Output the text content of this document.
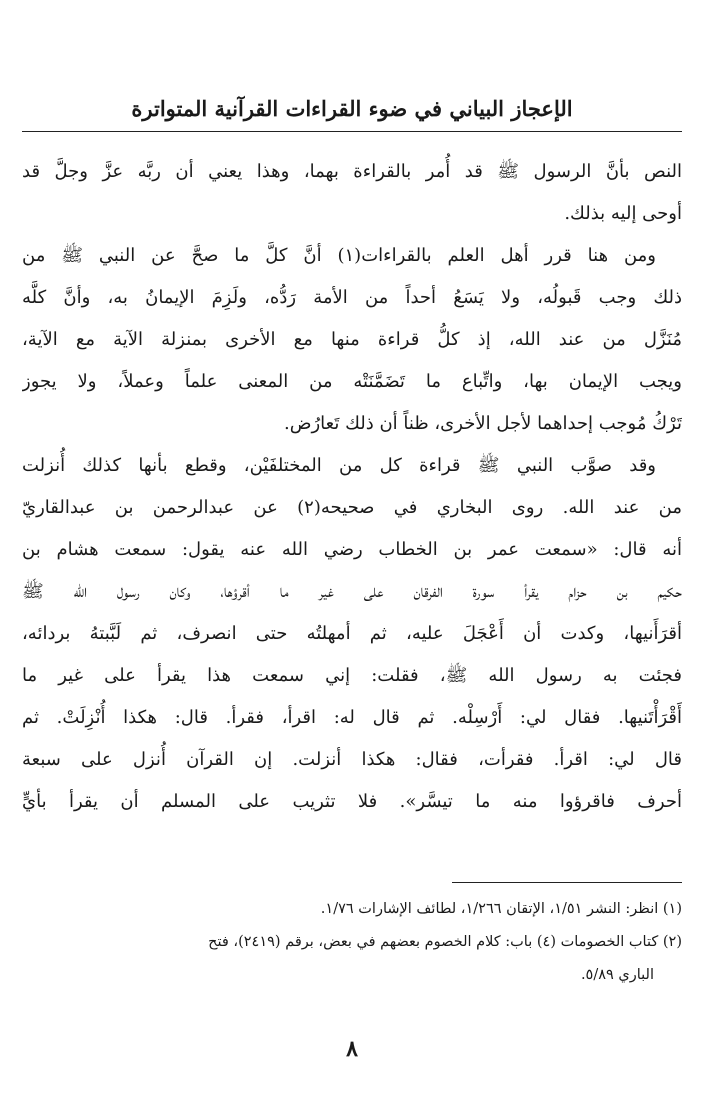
الإعجاز البياني في ضوء القراءات القرآنية المتواترة
النص بأنَّ الرسول ﷺ قد أُمر بالقراءة بهما، وهذا يعني أن ربَّه عزَّ وجلَّ قد
أوحى إليه بذلك.
ومن هنا قرر أهل العلم بالقراءات(١) أنَّ كلَّ ما صحَّ عن النبي ﷺ من
ذلك وجب قَبولُه، ولا يَسَعُ أحداً من الأمة رَدُّه، ولَزِمَ الإيمانُ به، وأنَّ كلَّه
مُنَزَّل من عند الله، إذ كلُّ قراءة منها مع الأخرى بمنزلة الآية مع الآية،
ويجب الإيمان بها، واتِّباع ما تَضَمَّنَتْه من المعنى علماً وعملاً، ولا يجوز
تَرْكُ مُوجب إحداهما لأجل الأخرى، ظناً أن ذلك تَعارُض.
وقد صوَّب النبي ﷺ قراءة كل من المختلفَيْن، وقطع بأنها كذلك أُنزلت
من عند الله. روى البخاري في صحيحه(٢) عن عبدالرحمن بن عبدالقاريّ
أنه قال: «سمعت عمر بن الخطاب رضي الله عنه يقول: سمعت هشام بن
حكيم بن حزام يقرأ سورة الفرقان على غير ما أقرؤها، وكان رسول الله ﷺ
أقرَأَنيها، وكدت أن أَعْجَلَ عليه، ثم أمهلتُه حتى انصرف، ثم لَبَّبتهُ بردائه،
فجئت به رسول الله ﷺ، فقلت: إني سمعت هذا يقرأ على غير ما
أَقْرَأْتَنيها. فقال لي: أَرْسِلْه. ثم قال له: اقرأ، فقرأ. قال: هكذا أُنْزِلَتْ. ثم
قال لي: اقرأ. فقرأت، فقال: هكذا أنزلت. إن القرآن أُنزل على سبعة
أحرف فاقرؤوا منه ما تيسَّر». فلا تثريب على المسلم أن يقرأ بأيٍّ
(١) انظر: النشر ١/٥١، الإتقان ١/٢٦٦، لطائف الإشارات ١/٧٦.
(٢) كتاب الخصومات (٤) باب: كلام الخصوم بعضهم في بعض، برقم (٢٤١٩)، فتح
الباري ٥/٨٩.
٨
